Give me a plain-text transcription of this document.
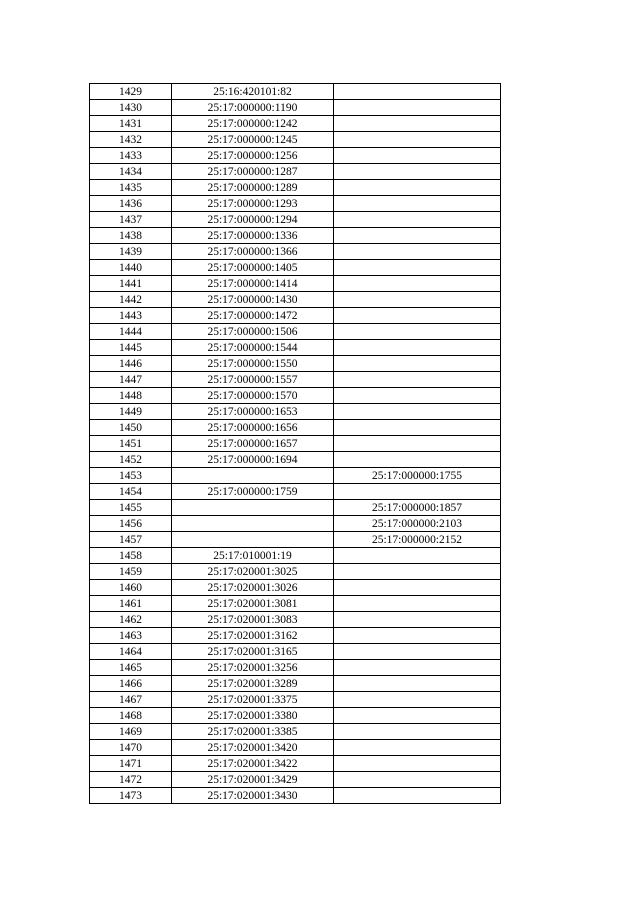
1429	25:16:420101:82	
1430	25:17:000000:1190	
1431	25:17:000000:1242	
1432	25:17:000000:1245	
1433	25:17:000000:1256	
1434	25:17:000000:1287	
1435	25:17:000000:1289	
1436	25:17:000000:1293	
1437	25:17:000000:1294	
1438	25:17:000000:1336	
1439	25:17:000000:1366	
1440	25:17:000000:1405	
1441	25:17:000000:1414	
1442	25:17:000000:1430	
1443	25:17:000000:1472	
1444	25:17:000000:1506	
1445	25:17:000000:1544	
1446	25:17:000000:1550	
1447	25:17:000000:1557	
1448	25:17:000000:1570	
1449	25:17:000000:1653	
1450	25:17:000000:1656	
1451	25:17:000000:1657	
1452	25:17:000000:1694	
1453		25:17:000000:1755
1454	25:17:000000:1759	
1455		25:17:000000:1857
1456		25:17:000000:2103
1457		25:17:000000:2152
1458	25:17:010001:19	
1459	25:17:020001:3025	
1460	25:17:020001:3026	
1461	25:17:020001:3081	
1462	25:17:020001:3083	
1463	25:17:020001:3162	
1464	25:17:020001:3165	
1465	25:17:020001:3256	
1466	25:17:020001:3289	
1467	25:17:020001:3375	
1468	25:17:020001:3380	
1469	25:17:020001:3385	
1470	25:17:020001:3420	
1471	25:17:020001:3422	
1472	25:17:020001:3429	
1473	25:17:020001:3430	
